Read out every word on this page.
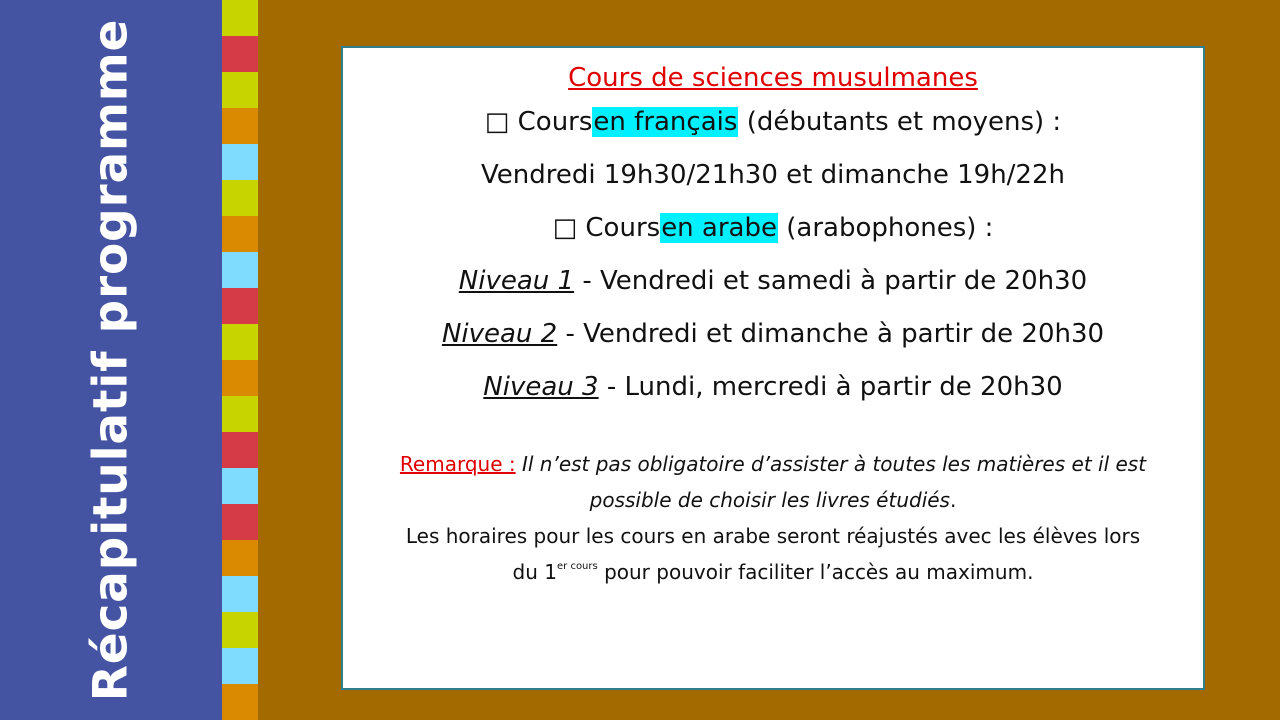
Récapitulatif programme	Cours de sciences musulmanes
□ Coursen français (débutants et moyens) :
Vendredi 19h30/21h30 et dimanche 19h/22h
□ Coursen arabe (arabophones) :
Niveau 1 - Vendredi et samedi à partir de 20h30
Niveau 2 - Vendredi et dimanche à partir de 20h30
Niveau 3 - Lundi, mercredi à partir de 20h30
Remarque : Il n’est pas obligatoire d’assister à toutes les matières et il est
possible de choisir les livres étudiés.
Les horaires pour les cours en arabe seront réajustés avec les élèves lors
du $1^{er cours}$ pour pouvoir faciliter l’accès au maximum.
